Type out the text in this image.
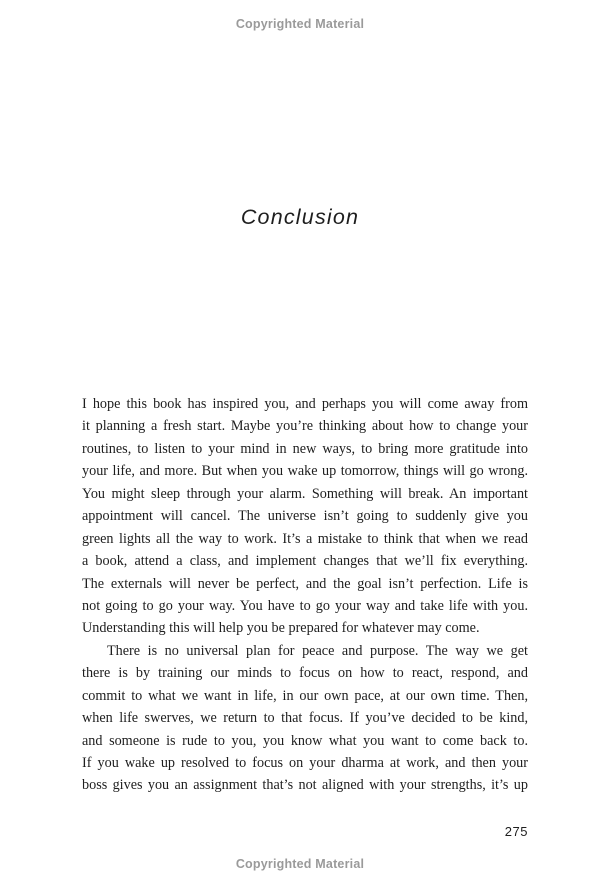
Copyrighted Material
Conclusion
I hope this book has inspired you, and perhaps you will come away from
it planning a fresh start. Maybe you’re thinking about how to change your
routines, to listen to your mind in new ways, to bring more gratitude into
your life, and more. But when you wake up tomorrow, things will go wrong.
You might sleep through your alarm. Something will break. An important
appointment will cancel. The universe isn’t going to suddenly give you
green lights all the way to work. It’s a mistake to think that when we read
a book, attend a class, and implement changes that we’ll fix everything.
The externals will never be perfect, and the goal isn’t perfection. Life is
not going to go your way. You have to go your way and take life with you.
Understanding this will help you be prepared for whatever may come.
There is no universal plan for peace and purpose. The way we get
there is by training our minds to focus on how to react, respond, and
commit to what we want in life, in our own pace, at our own time. Then,
when life swerves, we return to that focus. If you’ve decided to be kind,
and someone is rude to you, you know what you want to come back to.
If you wake up resolved to focus on your dharma at work, and then your
boss gives you an assignment that’s not aligned with your strengths, it’s up
275
Copyrighted Material
